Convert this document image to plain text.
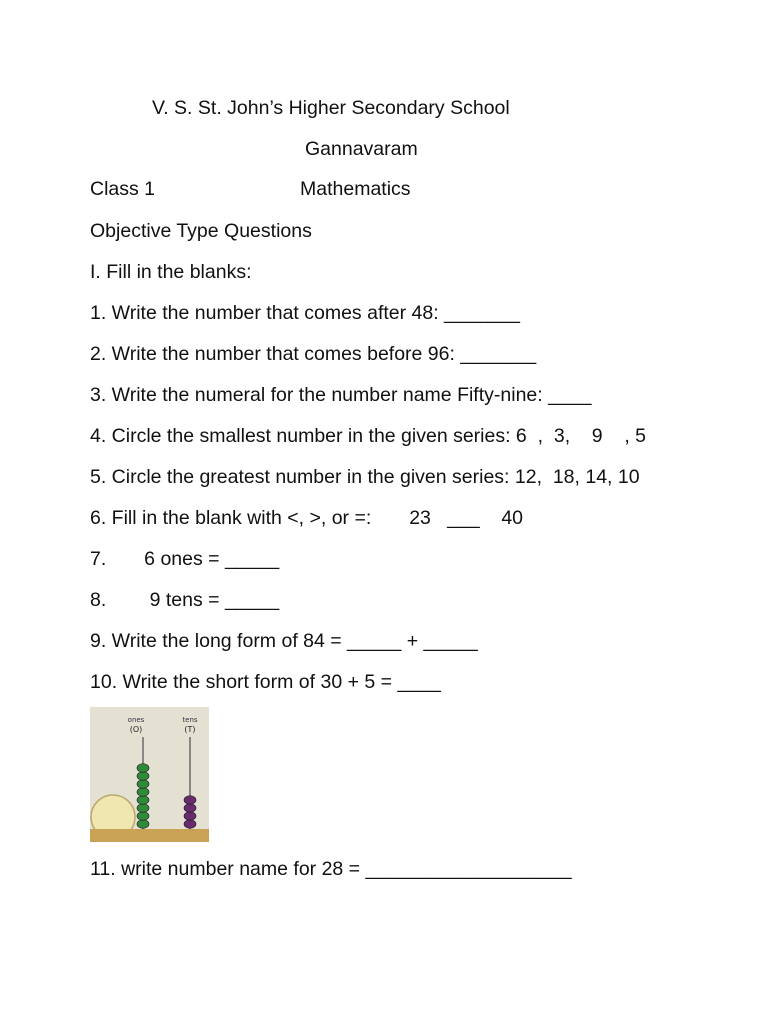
V. S. St. John’s Higher Secondary School
Gannavaram
Class 1	Mathematics
Objective Type Questions
I. Fill in the blanks:
1. Write the number that comes after 48: _______
2. Write the number that comes before 96: _______
3. Write the numeral for the number name Fifty-nine: ____
4. Circle the smallest number in the given series: 6  ,  3,    9    , 5
5. Circle the greatest number in the given series: 12,  18, 14, 10
6. Fill in the blank with <, >, or =:       23   ___    40
7.       6 ones = _____
8.        9 tens = _____
9. Write the long form of 84 = _____ + _____
10. Write the short form of 30 + 5 = ____
ones
(O)
tens
(T)
11. write number name for 28 = ___________________
